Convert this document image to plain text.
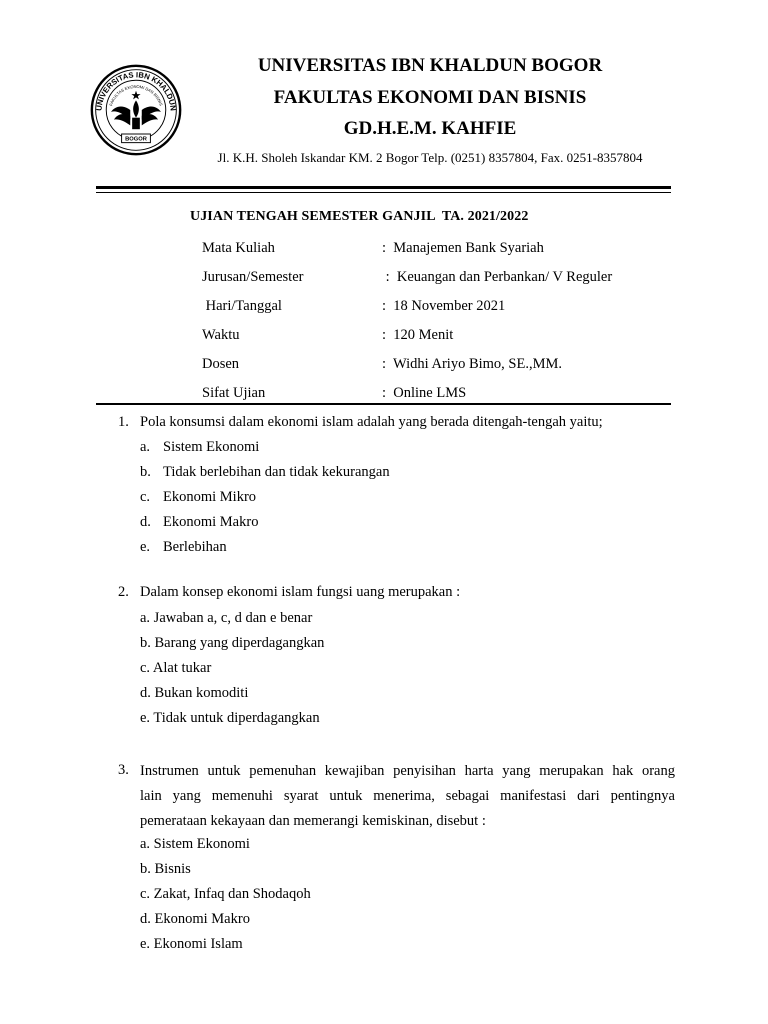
UNIVERSITAS IBN KHALDUN
FAKULTAS EKONOMI DAN BISNIS
BOGOR
UNIVERSITAS IBN KHALDUN BOGOR
FAKULTAS EKONOMI DAN BISNIS
GD.H.E.M. KAHFIE
Jl. K.H. Sholeh Iskandar KM. 2 Bogor Telp. (0251) 8357804, Fax. 0251-8357804
UJIAN TENGAH SEMESTER GANJIL  TA. 2021/2022
Mata Kuliah	:  Manajemen Bank Syariah
Jurusan/Semester	:  Keuangan dan Perbankan/ V Reguler
Hari/Tanggal	:  18 November 2021
Waktu	:  120 Menit
Dosen	:  Widhi Ariyo Bimo, SE.,MM.
Sifat Ujian	:  Online LMS
1. Pola konsumsi dalam ekonomi islam adalah yang berada ditengah-tengah yaitu;
a. Sistem Ekonomi
b. Tidak berlebihan dan tidak kekurangan
c. Ekonomi Mikro
d. Ekonomi Makro
e. Berlebihan
2. Dalam konsep ekonomi islam fungsi uang merupakan :
a. Jawaban a, c, d dan e benar
b. Barang yang diperdagangkan
c. Alat tukar
d. Bukan komoditi
e. Tidak untuk diperdagangkan
3. Instrumen untuk pemenuhan kewajiban penyisihan harta yang merupakan hak orang
lain yang memenuhi syarat untuk menerima, sebagai manifestasi dari pentingnya
pemerataan kekayaan dan memerangi kemiskinan, disebut :
a. Sistem Ekonomi
b. Bisnis
c. Zakat, Infaq dan Shodaqoh
d. Ekonomi Makro
e. Ekonomi Islam
